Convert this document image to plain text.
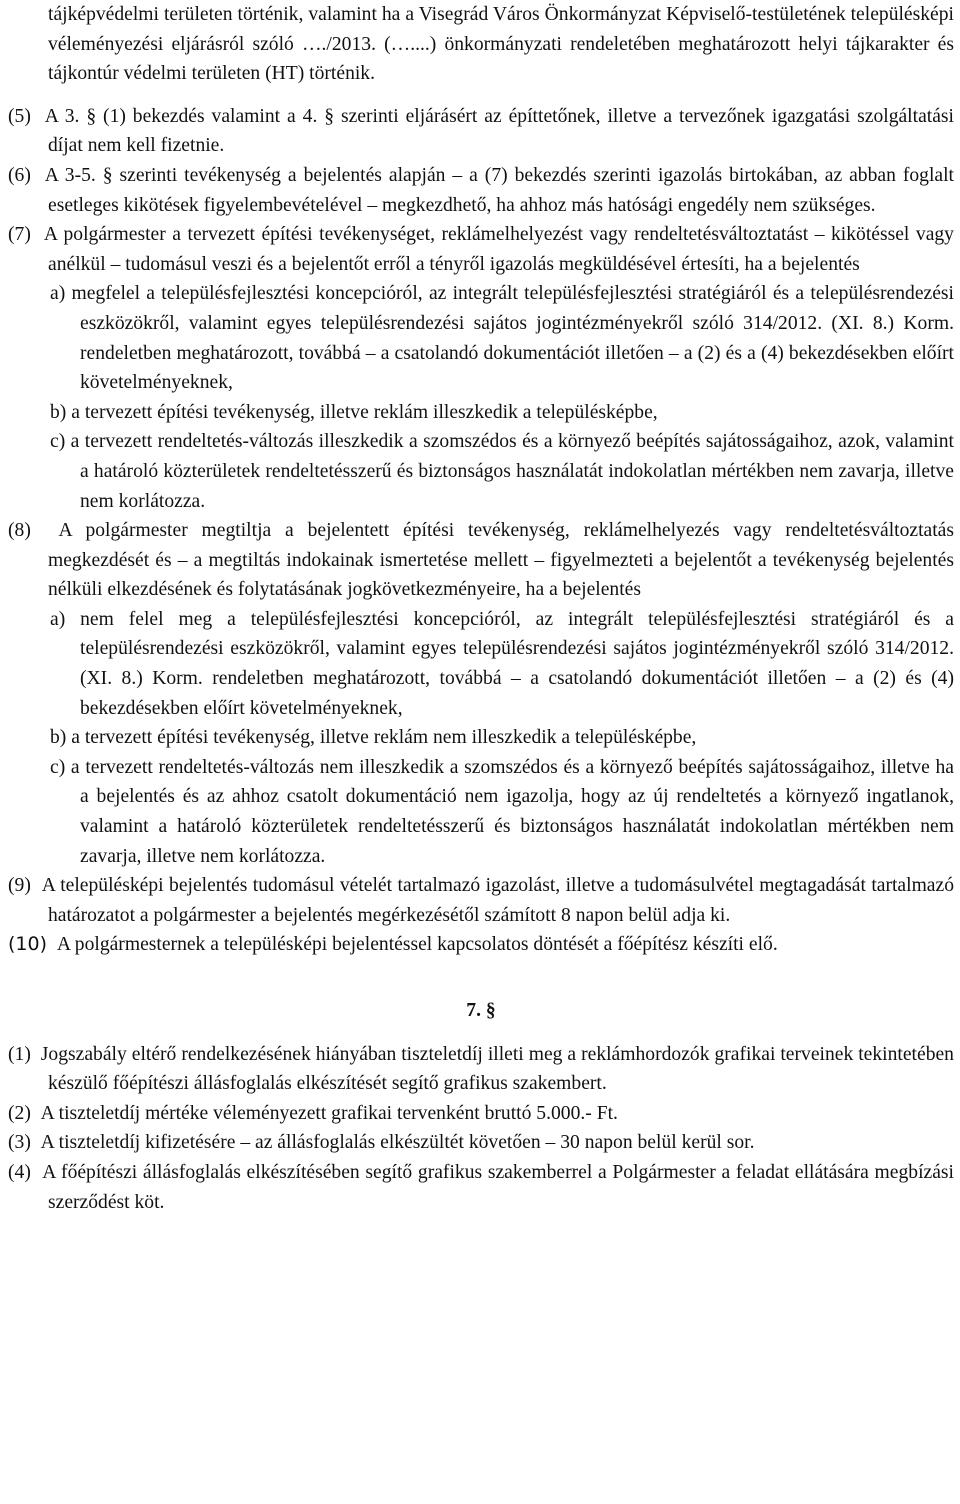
tájképvédelmi területen történik, valamint ha a Visegrád Város Önkormányzat Képviselő-testületének településképi véleményezési eljárásról szóló …./2013. (…....) önkormányzati rendeletében meghatározott helyi tájkarakter és tájkontúr védelmi területen (HT) történik.

(5)  A 3. § (1) bekezdés valamint a 4. § szerinti eljárásért az építtetőnek, illetve a tervezőnek igazgatási szolgáltatási díjat nem kell fizetnie.

(6)  A 3-5. § szerinti tevékenység a bejelentés alapján – a (7) bekezdés szerinti igazolás birtokában, az abban foglalt esetleges kikötések figyelembevételével – megkezdhető, ha ahhoz más hatósági engedély nem szükséges.

(7)  A polgármester a tervezett építési tevékenységet, reklámelhelyezést vagy rendeltetésváltoztatást – kikötéssel vagy anélkül – tudomásul veszi és a bejelentőt erről a tényről igazolás megküldésével értesíti, ha a bejelentés

a) megfelel a településfejlesztési koncepcióról, az integrált településfejlesztési stratégiáról és a településrendezési eszközökről, valamint egyes településrendezési sajátos jogintézményekről szóló 314/2012. (XI. 8.) Korm. rendeletben meghatározott, továbbá – a csatolandó dokumentációt illetően – a (2) és a (4) bekezdésekben előírt követelményeknek,

b) a tervezett építési tevékenység, illetve reklám illeszkedik a településképbe,

c) a tervezett rendeltetés-változás illeszkedik a szomszédos és a környező beépítés sajátosságaihoz, azok, valamint a határoló közterületek rendeltetésszerű és biztonságos használatát indokolatlan mértékben nem zavarja, illetve nem korlátozza.

(8)  A polgármester megtiltja a bejelentett építési tevékenység, reklámelhelyezés vagy rendeltetésváltoztatás megkezdését és – a megtiltás indokainak ismertetése mellett – figyelmezteti a bejelentőt a tevékenység bejelentés nélküli elkezdésének és folytatásának jogkövetkezményeire, ha a bejelentés

a) nem felel meg a településfejlesztési koncepcióról, az integrált településfejlesztési stratégiáról és a településrendezési eszközökről, valamint egyes településrendezési sajátos jogintézményekről szóló 314/2012. (XI. 8.) Korm. rendeletben meghatározott, továbbá – a csatolandó dokumentációt illetően – a (2) és (4) bekezdésekben előírt követelményeknek,

b) a tervezett építési tevékenység, illetve reklám nem illeszkedik a településképbe,

c) a tervezett rendeltetés-változás nem illeszkedik a szomszédos és a környező beépítés sajátosságaihoz, illetve ha a bejelentés és az ahhoz csatolt dokumentáció nem igazolja, hogy az új rendeltetés a környező ingatlanok, valamint a határoló közterületek rendeltetésszerű és biztonságos használatát indokolatlan mértékben nem zavarja, illetve nem korlátozza.

(9)  A településképi bejelentés tudomásul vételét tartalmazó igazolást, illetve a tudomásulvétel megtagadását tartalmazó határozatot a polgármester a bejelentés megérkezésétől számított 8 napon belül adja ki.

(10) A polgármesternek a településképi bejelentéssel kapcsolatos döntését a főépítész készíti elő.

7. §

(1)  Jogszabály eltérő rendelkezésének hiányában tiszteletdíj illeti meg a reklámhordozók grafikai terveinek tekintetében készülő főépítészi állásfoglalás elkészítését segítő grafikus szakembert.

(2)  A tiszteletdíj mértéke véleményezett grafikai tervenként bruttó 5.000.- Ft.

(3)  A tiszteletdíj kifizetésére – az állásfoglalás elkészültét követően – 30 napon belül kerül sor.

(4)  A főépítészi állásfoglalás elkészítésében segítő grafikus szakemberrel a Polgármester a feladat ellátására megbízási szerződést köt.
